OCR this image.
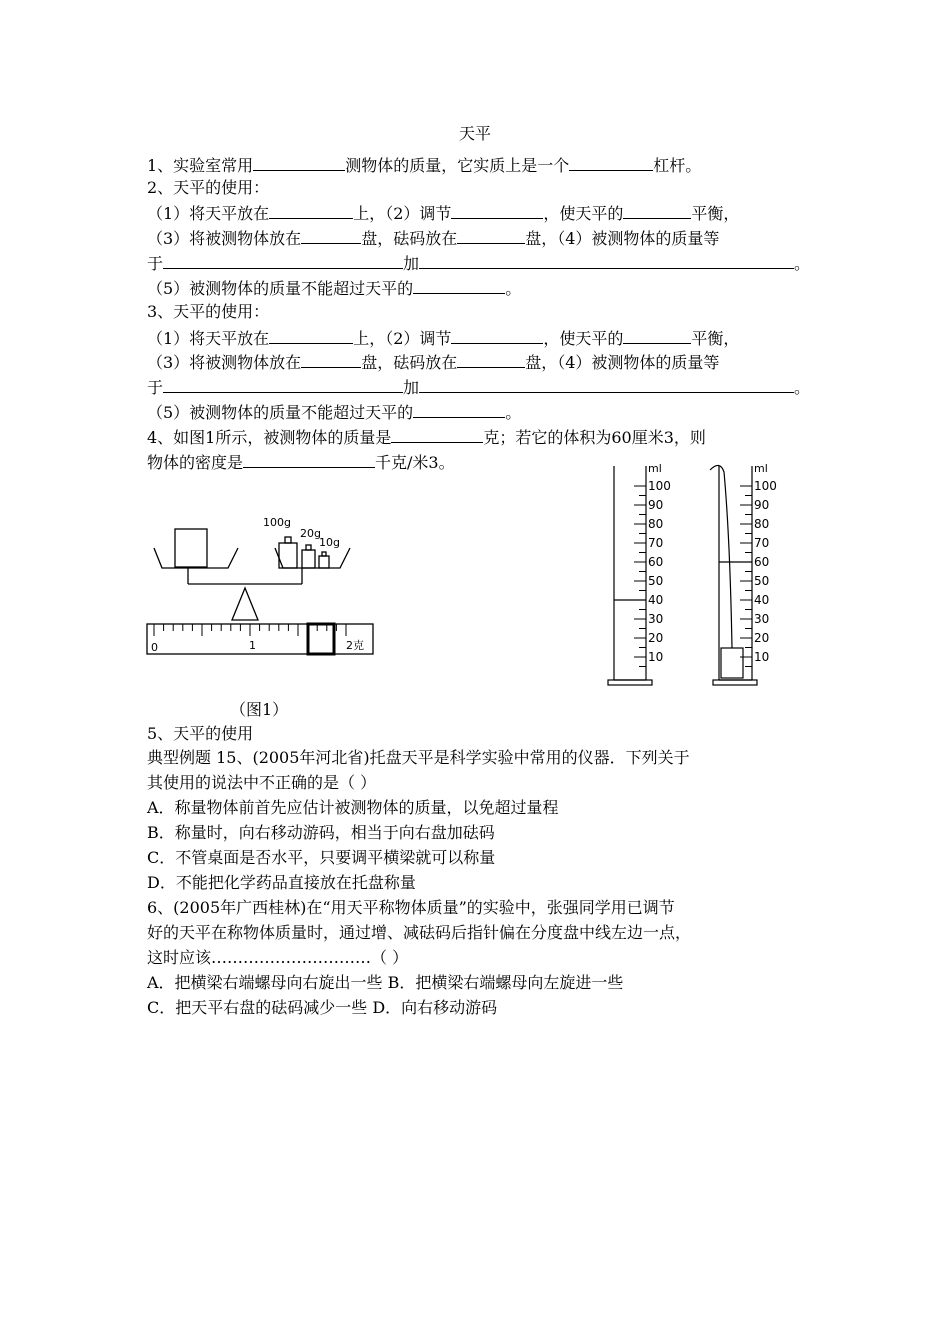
天平
1、实验室常用	测物体的质量，它实质上是一个	杠杆。
2、天平的使用：
（1）将天平放在	上，（2）调节	，使天平的	平衡，
（3）将被测物体放在	盘，砝码放在	盘，（4）被测物体的质量等
于	加	。
（5）被测物体的质量不能超过天平的	。
3、天平的使用：
（1）将天平放在	上，（2）调节	，使天平的	平衡，
（3）将被测物体放在	盘，砝码放在	盘，（4）被测物体的质量等
于	加	。
（5）被测物体的质量不能超过天平的	。
4、如图1所示，被测物体的质量是	克；若它的体积为60厘米3，则
物体的密度是	千克/米3。
100g
20g
10g
0	1	2克
（图1）
100
90
80
70
60
50
40
30
20
10
100
90
80
70
60
50
40
30
20
10
ml	ml
5、天平的使用
典型例题 15、(2005年河北省)托盘天平是科学实验中常用的仪器．下列关于
其使用的说法中不正确的是（ ）
A．称量物体前首先应估计被测物体的质量，以免超过量程
B．称量时，向右移动游码，相当于向右盘加砝码
C．不管桌面是否水平，只要调平横梁就可以称量
D．不能把化学药品直接放在托盘称量
6、(2005年广西桂林)在“用天平称物体质量”的实验中，张强同学用已调节
好的天平在称物体质量时，通过增、减砝码后指针偏在分度盘中线左边一点，
这时应该…………………………（ ）
A．把横梁右端螺母向右旋出一些 B．把横梁右端螺母向左旋进一些
C．把天平右盘的砝码减少一些 D．向右移动游码
